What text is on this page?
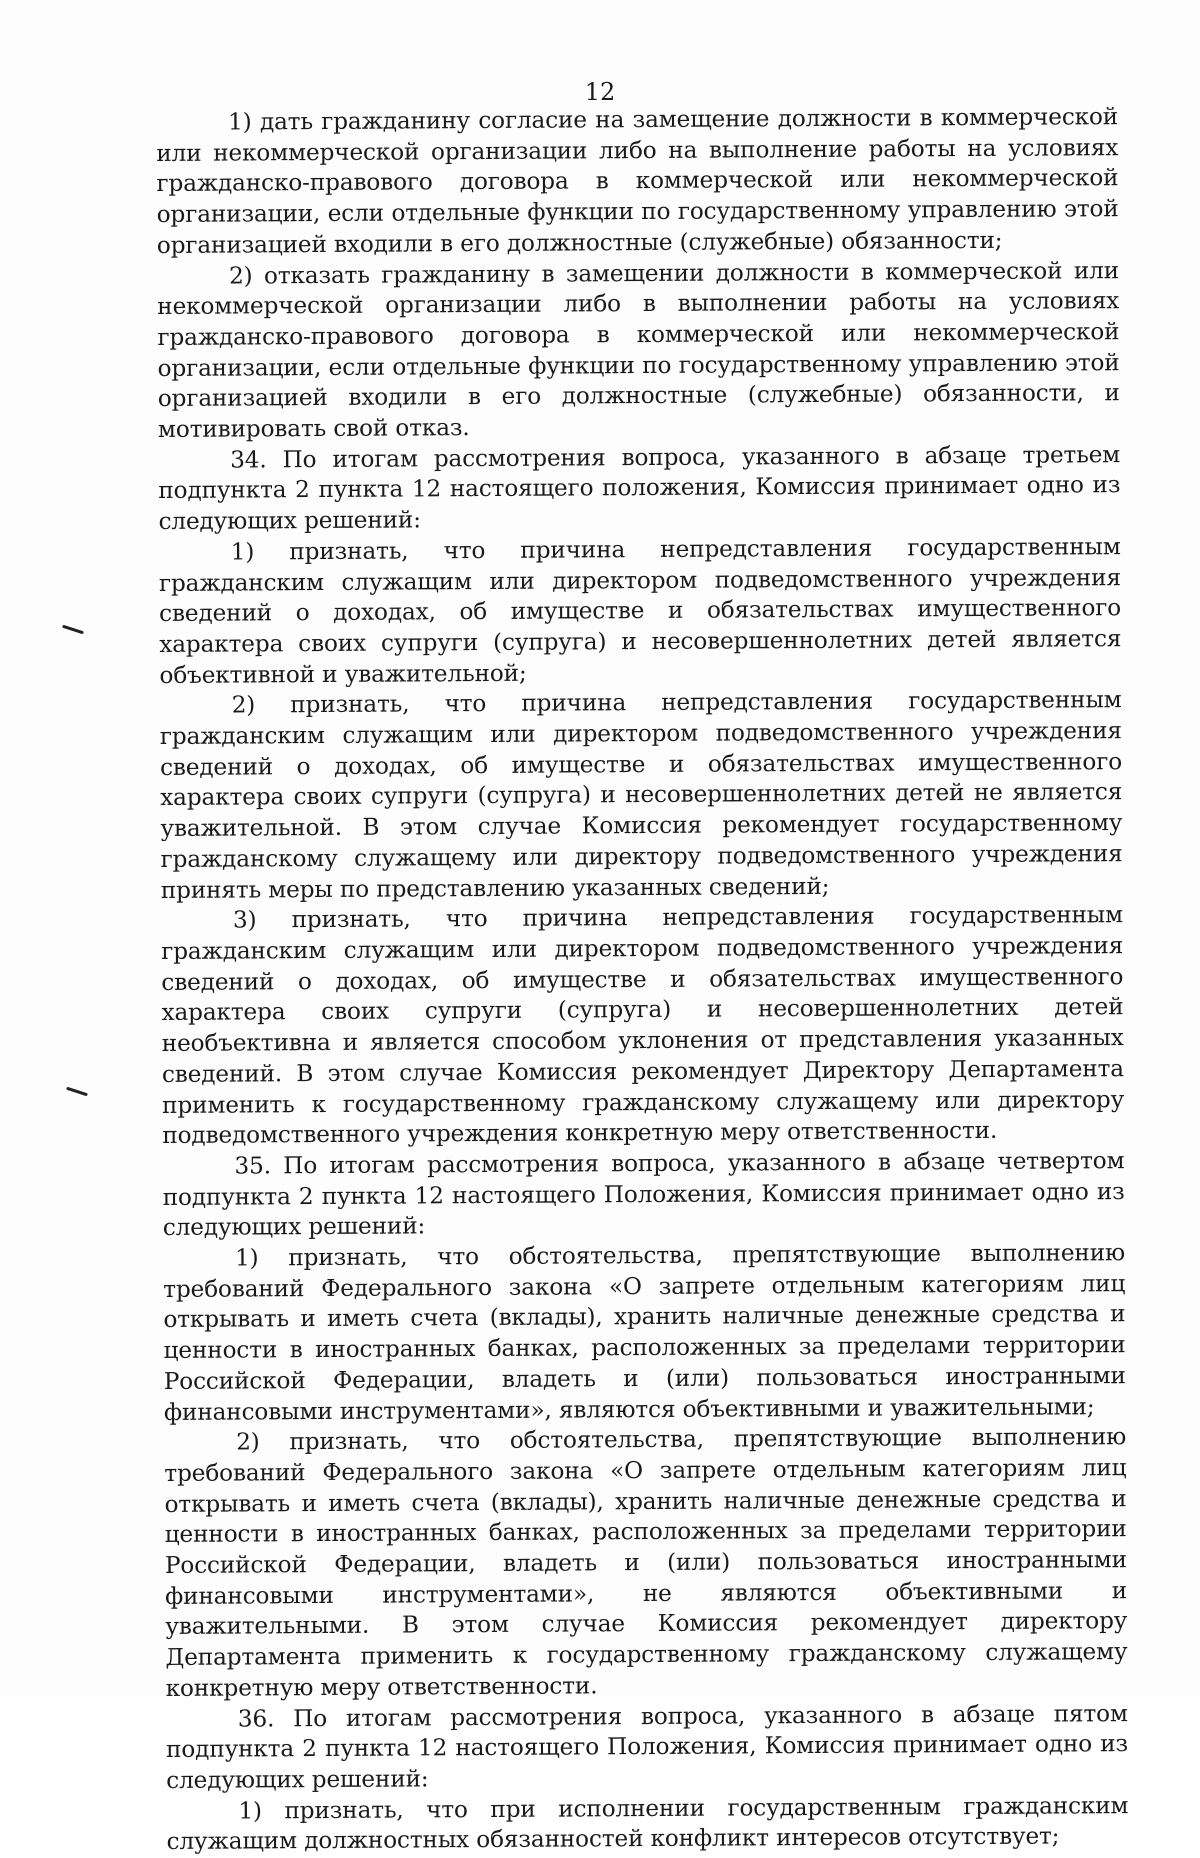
12

1) дать гражданину согласие на замещение должности в коммерческой или некоммерческой организации либо на выполнение работы на условиях гражданско-правового договора в коммерческой или некоммерческой организации, если отдельные функции по государственному управлению этой организацией входили в его должностные (служебные) обязанности;

2) отказать гражданину в замещении должности в коммерческой или некоммерческой организации либо в выполнении работы на условиях гражданско-правового договора в коммерческой или некоммерческой организации, если отдельные функции по государственному управлению этой организацией входили в его должностные (служебные) обязанности, и мотивировать свой отказ.

34. По итогам рассмотрения вопроса, указанного в абзаце третьем подпункта 2 пункта 12 настоящего положения, Комиссия принимает одно из следующих решений:

1) признать, что причина непредставления государственным гражданским служащим или директором подведомственного учреждения сведений о доходах, об имуществе и обязательствах имущественного характера своих супруги (супруга) и несовершеннолетних детей является объективной и уважительной;

2) признать, что причина непредставления государственным гражданским служащим или директором подведомственного учреждения сведений о доходах, об имуществе и обязательствах имущественного характера своих супруги (супруга) и несовершеннолетних детей не является уважительной. В этом случае Комиссия рекомендует государственному гражданскому служащему или директору подведомственного учреждения принять меры по представлению указанных сведений;

3) признать, что причина непредставления государственным гражданским служащим или директором подведомственного учреждения сведений о доходах, об имуществе и обязательствах имущественного характера своих супруги (супруга) и несовершеннолетних детей необъективна и является способом уклонения от представления указанных сведений. В этом случае Комиссия рекомендует Директору Департамента применить к государственному гражданскому служащему или директору подведомственного учреждения конкретную меру ответственности.

35. По итогам рассмотрения вопроса, указанного в абзаце четвертом подпункта 2 пункта 12 настоящего Положения, Комиссия принимает одно из следующих решений:

1) признать, что обстоятельства, препятствующие выполнению требований Федерального закона «О запрете отдельным категориям лиц открывать и иметь счета (вклады), хранить наличные денежные средства и ценности в иностранных банках, расположенных за пределами территории Российской Федерации, владеть и (или) пользоваться иностранными финансовыми инструментами», являются объективными и уважительными;

2) признать, что обстоятельства, препятствующие выполнению требований Федерального закона «О запрете отдельным категориям лиц открывать и иметь счета (вклады), хранить наличные денежные средства и ценности в иностранных банках, расположенных за пределами территории Российской Федерации, владеть и (или) пользоваться иностранными финансовыми инструментами», не являются объективными и уважительными. В этом случае Комиссия рекомендует директору Департамента применить к государственному гражданскому служащему конкретную меру ответственности.

36. По итогам рассмотрения вопроса, указанного в абзаце пятом подпункта 2 пункта 12 настоящего Положения, Комиссия принимает одно из следующих решений:

1) признать, что при исполнении государственным гражданским служащим должностных обязанностей конфликт интересов отсутствует;
